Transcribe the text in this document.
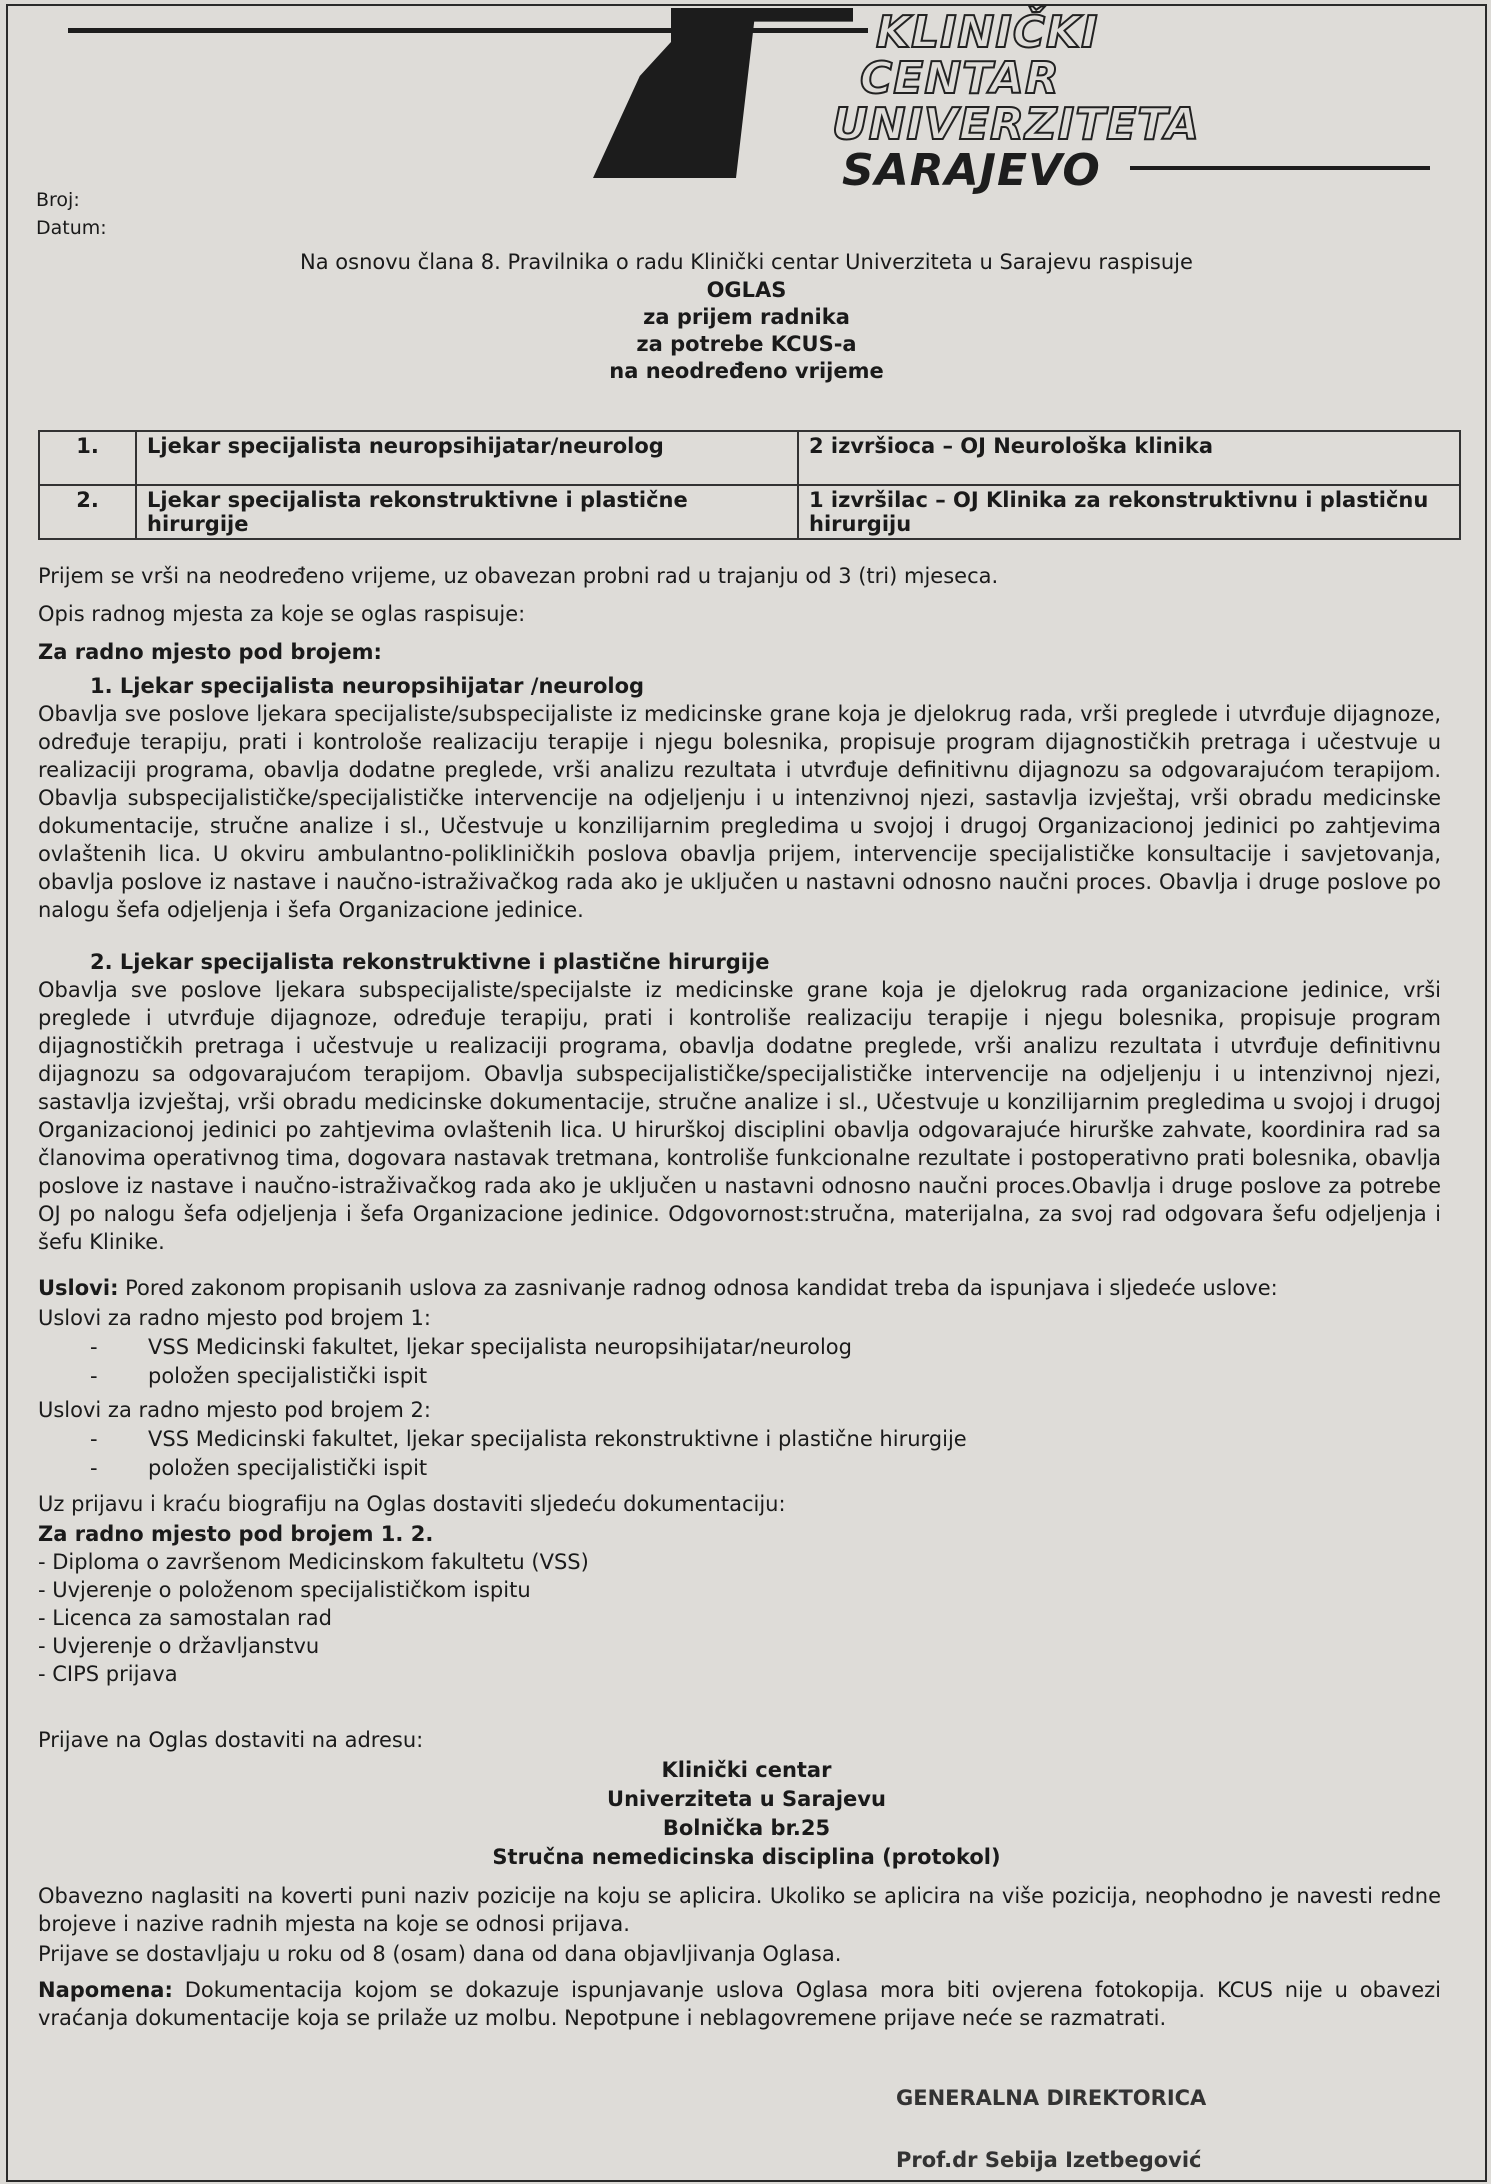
KLINIČKI
CENTAR
UNIVERZITETA
SARAJEVO
Broj:
Datum:
Na osnovu člana 8. Pravilnika o radu Klinički centar Univerziteta u Sarajevu raspisuje
OGLAS
za prijem radnika
za potrebe KCUS-a
na neodređeno vrijeme
1.	Ljekar specijalista neuropsihijatar/neurolog	2 izvršioca – OJ Neurološka klinika
2.	Ljekar specijalista rekonstruktivne i plastične hirurgije	1 izvršilac – OJ Klinika za rekonstruktivnu i plastičnu hirurgiju
Prijem se vrši na neodređeno vrijeme, uz obavezan probni rad u trajanju od 3 (tri) mjeseca.
Opis radnog mjesta za koje se oglas raspisuje:
Za radno mjesto pod brojem:
1. Ljekar specijalista neuropsihijatar /neurolog
Obavlja sve poslove ljekara specijaliste/subspecijaliste iz medicinske grane koja je djelokrug rada, vrši preglede i utvrđuje dijagnoze, određuje terapiju, prati i kontrološe realizaciju terapije i njegu bolesnika, propisuje program dijagnostičkih pretraga i učestvuje u realizaciji programa, obavlja dodatne preglede, vrši analizu rezultata i utvrđuje definitivnu dijagnozu sa odgovarajućom terapijom. Obavlja subspecijalističke/specijalističke intervencije na odjeljenju i u intenzivnoj njezi, sastavlja izvještaj, vrši obradu medicinske dokumentacije, stručne analize i sl., Učestvuje u konzilijarnim pregledima u svojoj i drugoj Organizacionoj jedinici po zahtjevima ovlaštenih lica. U okviru ambulantno-polikliničkih poslova obavlja prijem, intervencije specijalističke konsultacije i savjetovanja, obavlja poslove iz nastave i naučno-istraživačkog rada ako je uključen u nastavni odnosno naučni proces. Obavlja i druge poslove po nalogu šefa odjeljenja i šefa Organizacione jedinice.
2. Ljekar specijalista rekonstruktivne i plastične hirurgije
Obavlja sve poslove ljekara subspecijaliste/specijalste iz medicinske grane koja je djelokrug rada organizacione jedinice, vrši preglede i utvrđuje dijagnoze, određuje terapiju, prati i kontroliše realizaciju terapije i njegu bolesnika, propisuje program dijagnostičkih pretraga i učestvuje u realizaciji programa, obavlja dodatne preglede, vrši analizu rezultata i utvrđuje definitivnu dijagnozu sa odgovarajućom terapijom. Obavlja subspecijalističke/specijalističke intervencije na odjeljenju i u intenzivnoj njezi, sastavlja izvještaj, vrši obradu medicinske dokumentacije, stručne analize i sl., Učestvuje u konzilijarnim pregledima u svojoj i drugoj Organizacionoj jedinici po zahtjevima ovlaštenih lica. U hirurškoj disciplini obavlja odgovarajuće hirurške zahvate, koordinira rad sa članovima operativnog tima, dogovara nastavak tretmana, kontroliše funkcionalne rezultate i postoperativno prati bolesnika, obavlja poslove iz nastave i naučno-istraživačkog rada ako je uključen u nastavni odnosno naučni proces.Obavlja i druge poslove za potrebe OJ po nalogu šefa odjeljenja i šefa Organizacione jedinice. Odgovornost:stručna, materijalna, za svoj rad odgovara šefu odjeljenja i šefu Klinike.
Uslovi: Pored zakonom propisanih uslova za zasnivanje radnog odnosa kandidat treba da ispunjava i sljedeće uslove:
Uslovi za radno mjesto pod brojem 1:
- VSS Medicinski fakultet, ljekar specijalista neuropsihijatar/neurolog
- položen specijalistički ispit
Uslovi za radno mjesto pod brojem 2:
- VSS Medicinski fakultet, ljekar specijalista rekonstruktivne i plastične hirurgije
- položen specijalistički ispit
Uz prijavu i kraću biografiju na Oglas dostaviti sljedeću dokumentaciju:
Za radno mjesto pod brojem 1. 2.
- Diploma o završenom Medicinskom fakultetu (VSS)
- Uvjerenje o položenom specijalističkom ispitu
- Licenca za samostalan rad
- Uvjerenje o državljanstvu
- CIPS prijava
Prijave na Oglas dostaviti na adresu:
Klinički centar
Univerziteta u Sarajevu
Bolnička br.25
Stručna nemedicinska disciplina (protokol)
Obavezno naglasiti na koverti puni naziv pozicije na koju se aplicira. Ukoliko se aplicira na više pozicija, neophodno je navesti redne brojeve i nazive radnih mjesta na koje se odnosi prijava.
Prijave se dostavljaju u roku od 8 (osam) dana od dana objavljivanja Oglasa.
Napomena: Dokumentacija kojom se dokazuje ispunjavanje uslova Oglasa mora biti ovjerena fotokopija. KCUS nije u obavezi vraćanja dokumentacije koja se prilaže uz molbu. Nepotpune i neblagovremene prijave neće se razmatrati.
GENERALNA DIREKTORICA
Prof.dr Sebija Izetbegović
